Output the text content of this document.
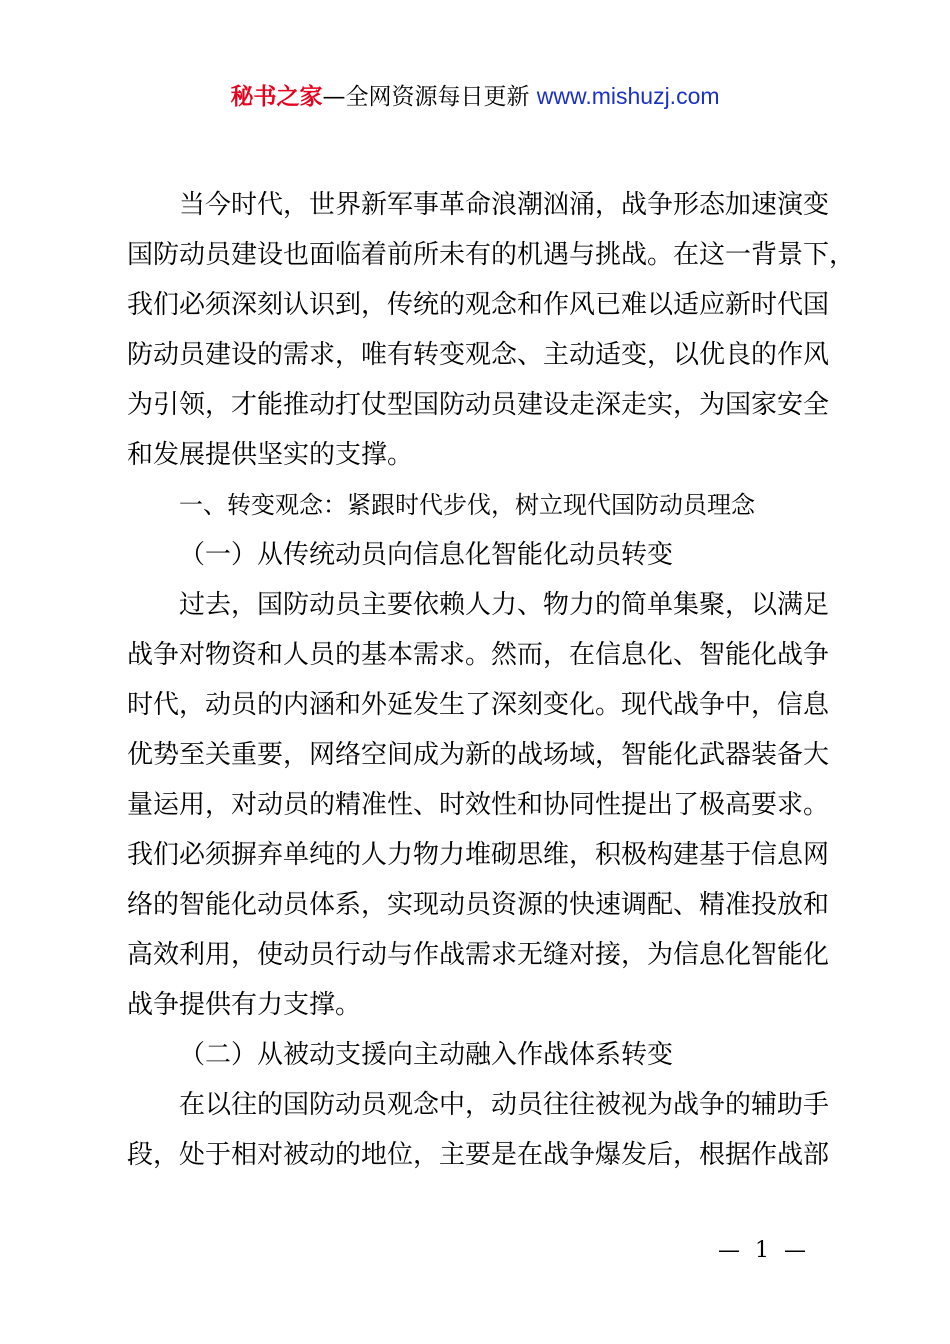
秘书之家—全网资源每日更新 www.mishuzj.com
当今时代，世界新军事革命浪潮汹涌，战争形态加速演变
国防动员建设也面临着前所未有的机遇与挑战。在这一背景下，
我们必须深刻认识到，传统的观念和作风已难以适应新时代国
防动员建设的需求，唯有转变观念、主动适变，以优良的作风
为引领，才能推动打仗型国防动员建设走深走实，为国家安全
和发展提供坚实的支撑。
一、转变观念：紧跟时代步伐，树立现代国防动员理念
（一）从传统动员向信息化智能化动员转变
过去，国防动员主要依赖人力、物力的简单集聚，以满足
战争对物资和人员的基本需求。然而，在信息化、智能化战争
时代，动员的内涵和外延发生了深刻变化。现代战争中，信息
优势至关重要，网络空间成为新的战场域，智能化武器装备大
量运用，对动员的精准性、时效性和协同性提出了极高要求。
我们必须摒弃单纯的人力物力堆砌思维，积极构建基于信息网
络的智能化动员体系，实现动员资源的快速调配、精准投放和
高效利用，使动员行动与作战需求无缝对接，为信息化智能化
战争提供有力支撑。
（二）从被动支援向主动融入作战体系转变
在以往的国防动员观念中，动员往往被视为战争的辅助手
段，处于相对被动的地位，主要是在战争爆发后，根据作战部
— 1 —
